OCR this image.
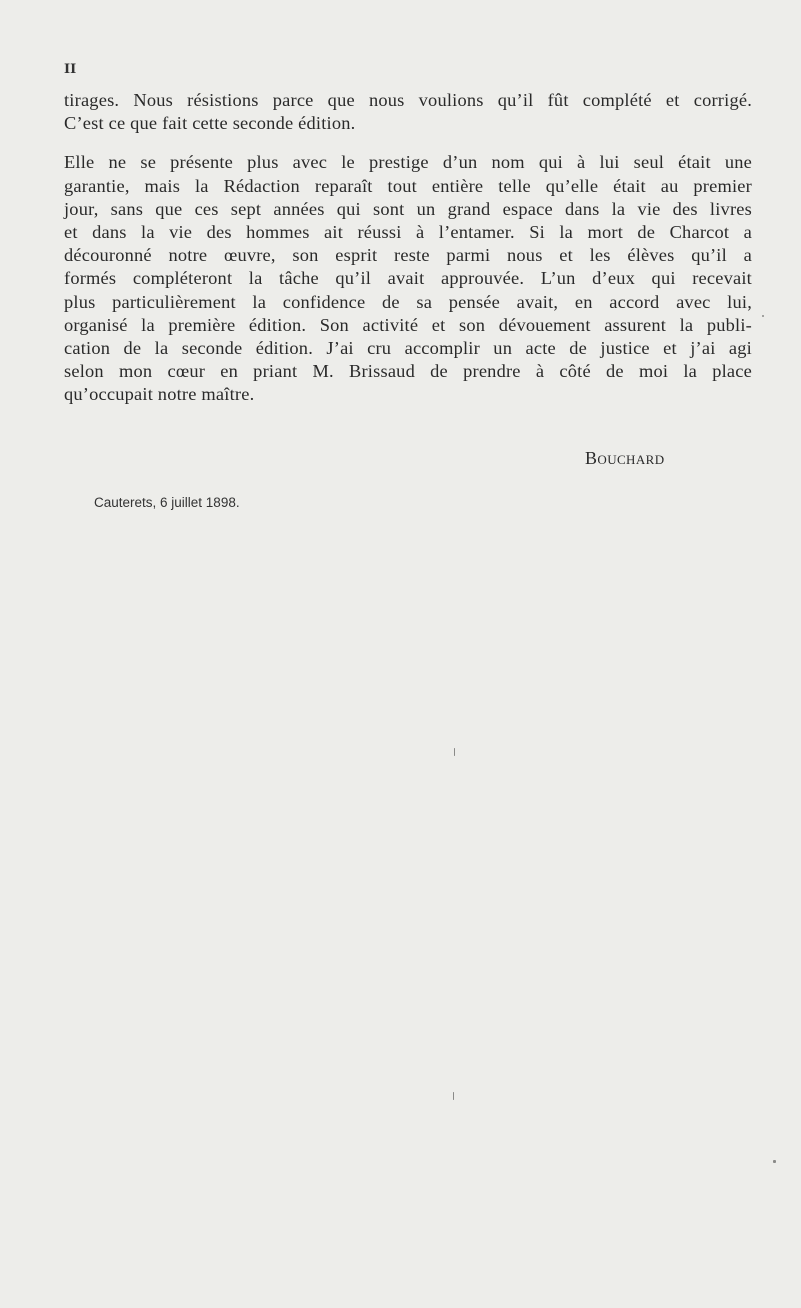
II
tirages. Nous résistions parce que nous voulions qu’il fût complété et corrigé.
C’est ce que fait cette seconde édition.
Elle ne se présente plus avec le prestige d’un nom qui à lui seul était une
garantie, mais la Rédaction reparaît tout entière telle qu’elle était au premier
jour, sans que ces sept années qui sont un grand espace dans la vie des livres
et dans la vie des hommes ait réussi à l’entamer. Si la mort de Charcot a
découronné notre œuvre, son esprit reste parmi nous et les élèves qu’il a
formés compléteront la tâche qu’il avait approuvée. L’un d’eux qui recevait
plus particulièrement la confidence de sa pensée avait, en accord avec lui,
organisé la première édition. Son activité et son dévouement assurent la publi-
cation de la seconde édition. J’ai cru accomplir un acte de justice et j’ai agi
selon mon cœur en priant M. Brissaud de prendre à côté de moi la place
qu’occupait notre maître.
Bouchard
Cauterets, 6 juillet 1898.
